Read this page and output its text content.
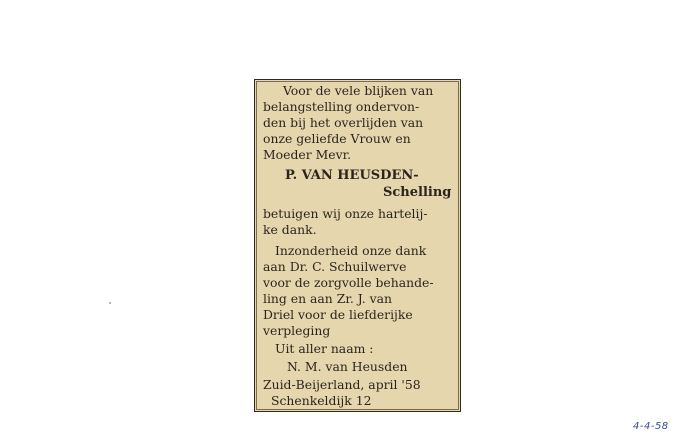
Voor de vele blijken van
belangstelling ondervon-
den bij het overlijden van
onze geliefde Vrouw en
Moeder Mevr.
P. VAN HEUSDEN-
Schelling
betuigen wij onze hartelij-
ke dank.
Inzonderheid onze dank
aan Dr. C. Schuilwerve
voor de zorgvolle behande-
ling en aan Zr. J. van
Driel voor de liefderijke
verpleging
Uit aller naam :
N. M. van Heusden
Zuid-Beijerland, april '58
Schenkeldijk 12
4-4-58
